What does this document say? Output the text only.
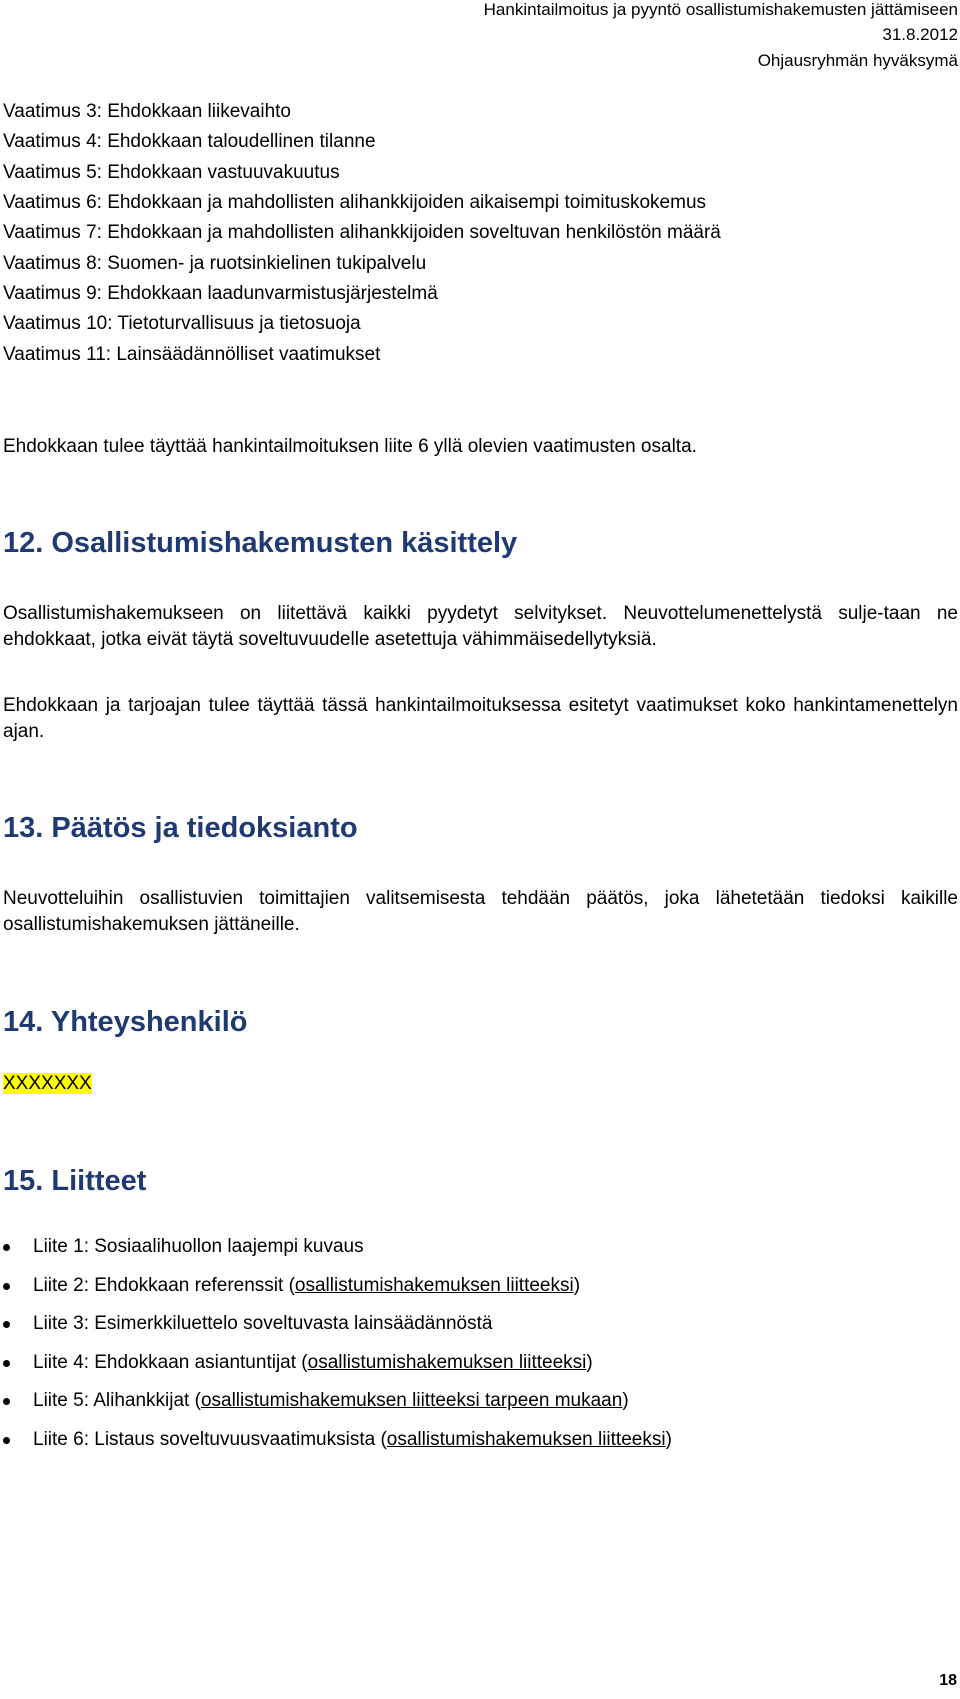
Hankintailmoitus ja pyyntö osallistumishakemusten jättämiseen
31.8.2012
Ohjausryhmän hyväksymä
Vaatimus 3: Ehdokkaan liikevaihto
Vaatimus 4: Ehdokkaan taloudellinen tilanne
Vaatimus 5: Ehdokkaan vastuuvakuutus
Vaatimus 6: Ehdokkaan ja mahdollisten alihankkijoiden aikaisempi toimituskokemus
Vaatimus 7: Ehdokkaan ja mahdollisten alihankkijoiden soveltuvan henkilöstön määrä
Vaatimus 8: Suomen- ja ruotsinkielinen tukipalvelu
Vaatimus 9: Ehdokkaan laadunvarmistusjärjestelmä
Vaatimus 10: Tietoturvallisuus ja tietosuoja
Vaatimus 11: Lainsäädännölliset vaatimukset
Ehdokkaan tulee täyttää hankintailmoituksen liite 6 yllä olevien vaatimusten osalta.
12. Osallistumishakemusten käsittely
Osallistumishakemukseen on liitettävä kaikki pyydetyt selvitykset. Neuvottelumenettelystä sulje-taan ne ehdokkaat, jotka eivät täytä soveltuvuudelle asetettuja vähimmäisedellytyksiä.
Ehdokkaan ja tarjoajan tulee täyttää tässä hankintailmoituksessa esitetyt vaatimukset koko hankintamenettelyn ajan.
13. Päätös ja tiedoksianto
Neuvotteluihin osallistuvien toimittajien valitsemisesta tehdään päätös, joka lähetetään tiedoksi kaikille osallistumishakemuksen jättäneille.
14. Yhteyshenkilö
XXXXXXX
15. Liitteet
Liite 1: Sosiaalihuollon laajempi kuvaus
Liite 2: Ehdokkaan referenssit (osallistumishakemuksen liitteeksi)
Liite 3: Esimerkkiluettelo soveltuvasta lainsäädännöstä
Liite 4: Ehdokkaan asiantuntijat (osallistumishakemuksen liitteeksi)
Liite 5: Alihankkijat (osallistumishakemuksen liitteeksi tarpeen mukaan)
Liite 6: Listaus soveltuvuusvaatimuksista (osallistumishakemuksen liitteeksi)
18
